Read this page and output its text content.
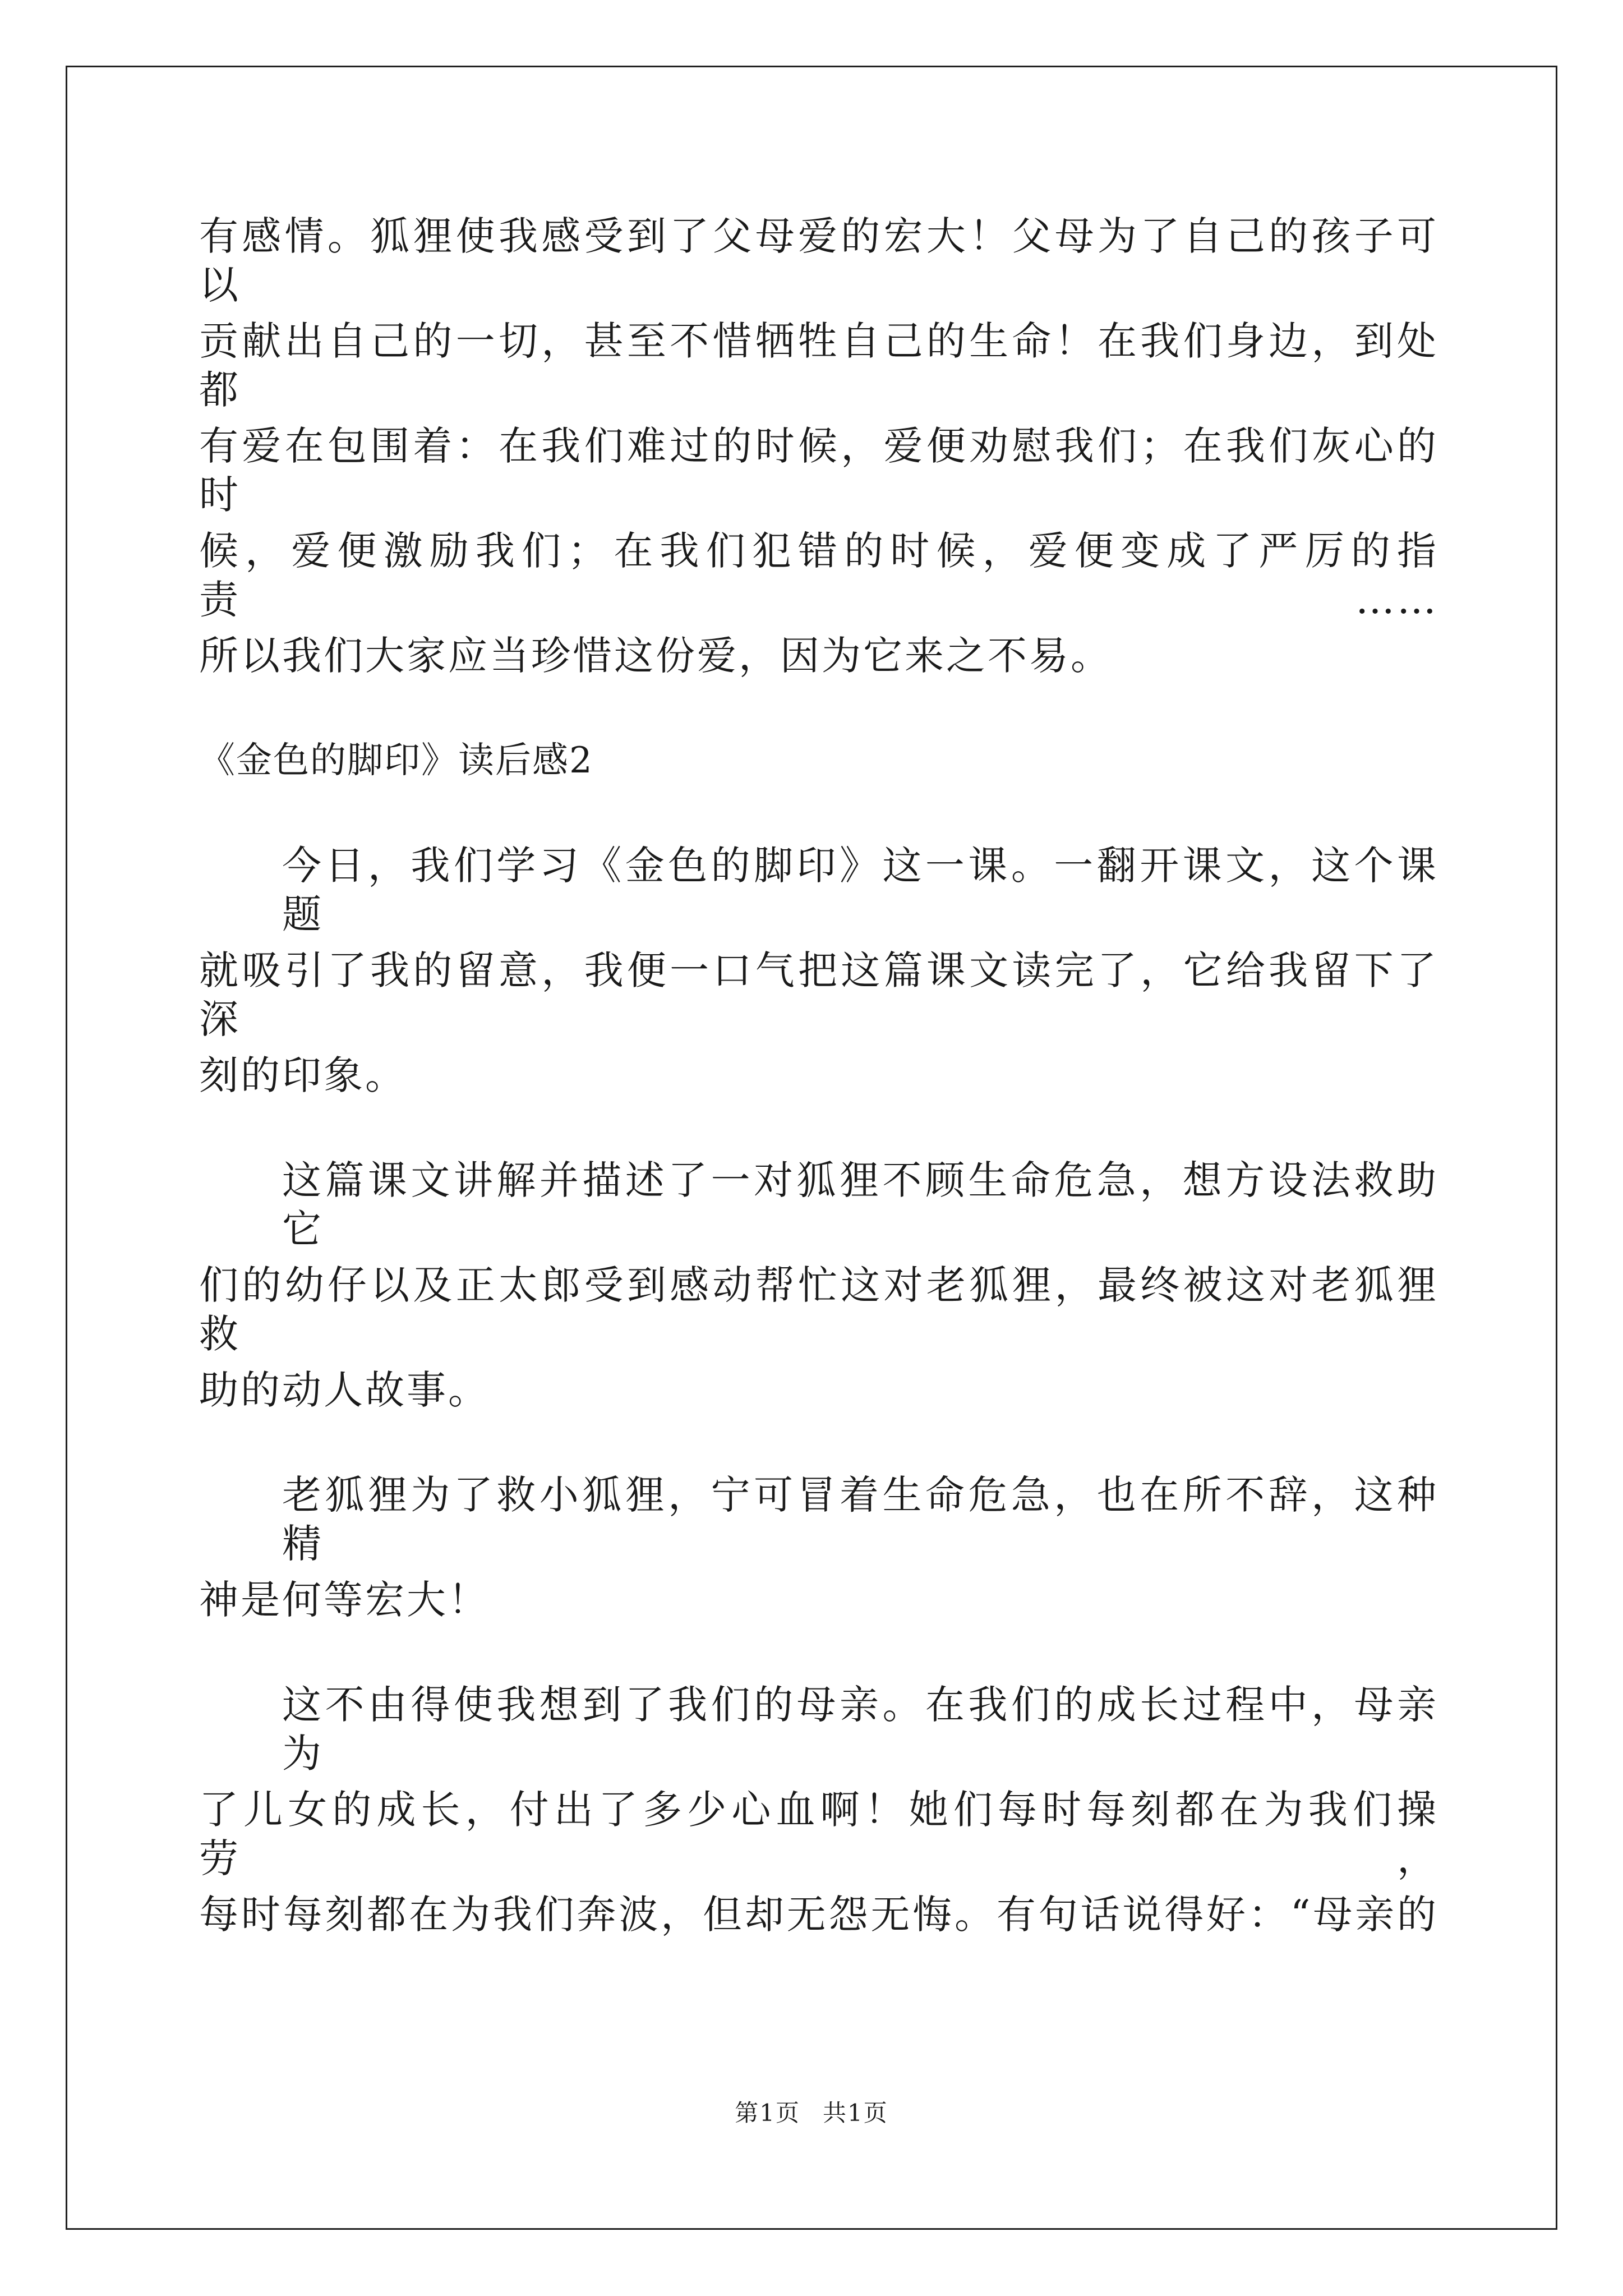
有感情。狐狸使我感受到了父母爱的宏大！父母为了自己的孩子可以
贡献出自己的一切，甚至不惜牺牲自己的生命！在我们身边，到处都
有爱在包围着：在我们难过的时候，爱便劝慰我们；在我们灰心的时
候，爱便激励我们；在我们犯错的时候，爱便变成了严厉的指责……
所以我们大家应当珍惜这份爱，因为它来之不易。
《金色的脚印》读后感2
今日，我们学习《金色的脚印》这一课。一翻开课文，这个课题
就吸引了我的留意，我便一口气把这篇课文读完了，它给我留下了深
刻的印象。
这篇课文讲解并描述了一对狐狸不顾生命危急，想方设法救助它
们的幼仔以及正太郎受到感动帮忙这对老狐狸，最终被这对老狐狸救
助的动人故事。
老狐狸为了救小狐狸，宁可冒着生命危急，也在所不辞，这种精
神是何等宏大！
这不由得使我想到了我们的母亲。在我们的成长过程中，母亲为
了儿女的成长，付出了多少心血啊！她们每时每刻都在为我们操劳，
每时每刻都在为我们奔波，但却无怨无悔。有句话说得好：“母亲的
第1页 共1页
